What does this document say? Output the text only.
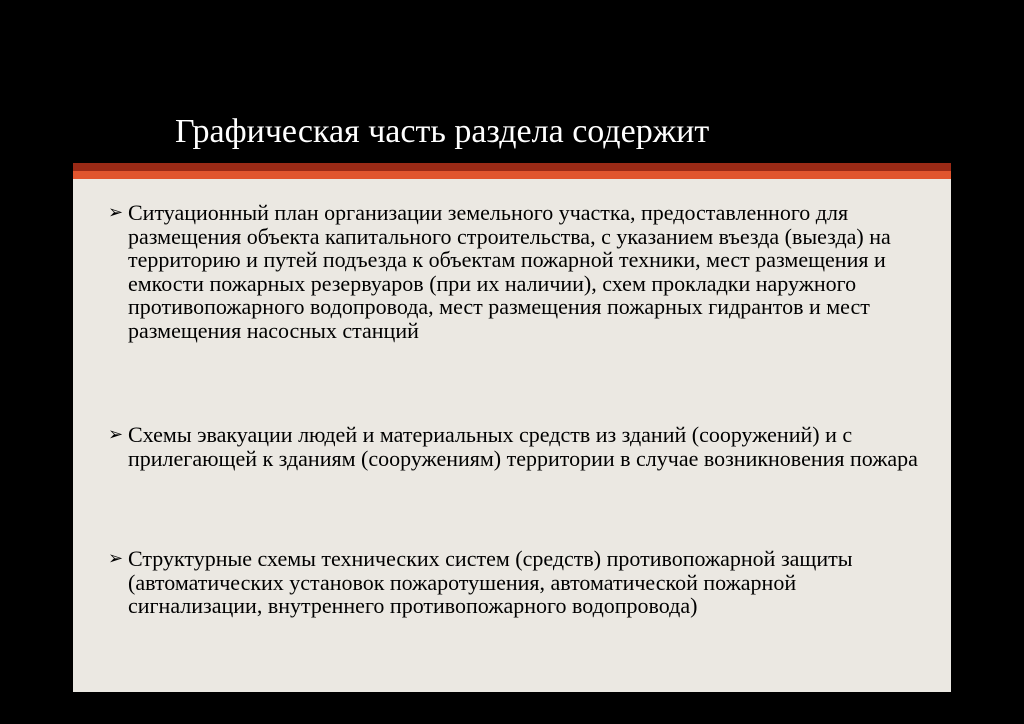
Графическая часть раздела содержит
➢ Ситуационный план организации земельного участка, предоставленного для размещения объекта капитального строительства, с указанием въезда (выезда) на территорию и путей подъезда к объектам пожарной техники, мест размещения и емкости пожарных резервуаров (при их наличии), схем прокладки наружного противопожарного водопровода, мест размещения пожарных гидрантов и мест размещения насосных станций
➢ Схемы эвакуации людей и материальных средств из зданий (сооружений) и с прилегающей к зданиям (сооружениям) территории в случае возникновения пожара
➢ Структурные схемы технических систем (средств) противопожарной защиты (автоматических установок пожаротушения, автоматической пожарной сигнализации, внутреннего противопожарного водопровода)
